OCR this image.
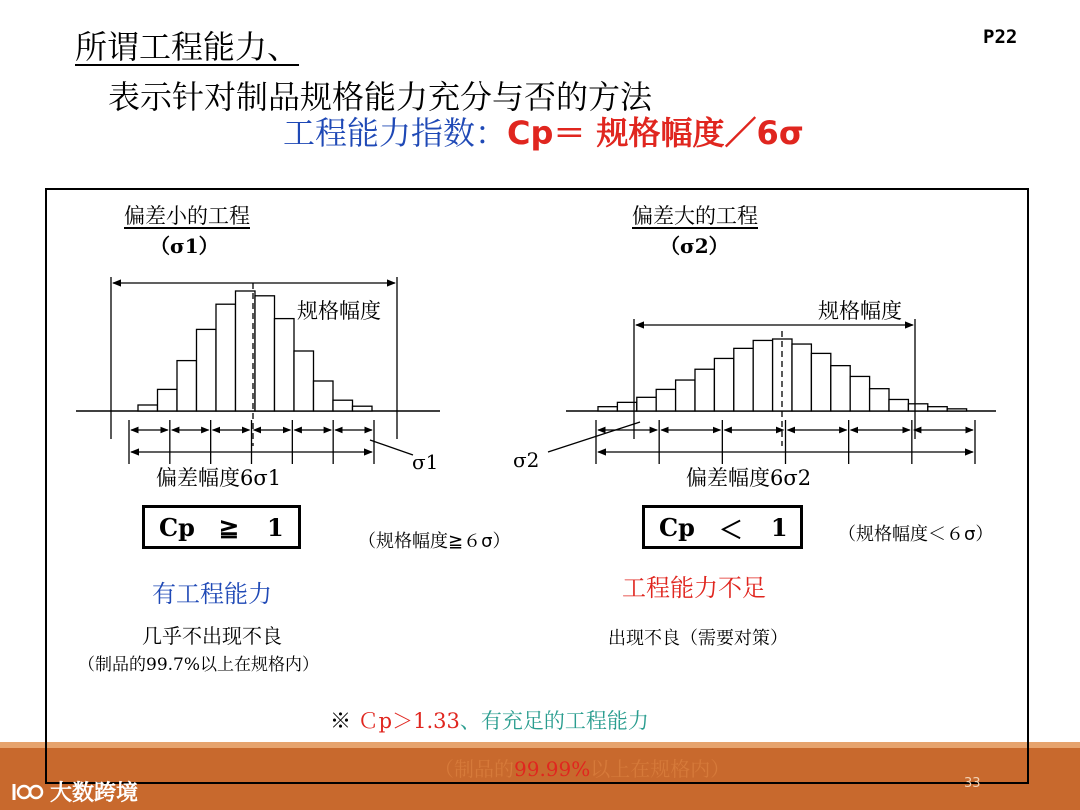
所谓工程能力、
表示针对制品规格能力充分与否的方法
工程能力指数：Cp＝ 规格幅度／6σ
P22
偏差小的工程
（σ1）
规格幅度
偏差幅度6σ1
σ1
Cp ≧ 1	（规格幅度≧６σ）
有工程能力
几乎不出现不良
（制品的99.7%以上在规格内）
偏差大的工程
（σ2）
规格幅度
偏差幅度6σ2
σ2
Cp ＜ 1	（规格幅度＜６σ）
工程能力不足
出现不良（需要对策）
※ Ｃp＞1.33、有充足的工程能力
（制品的99.99%以上在规格内）
33
大数跨境
